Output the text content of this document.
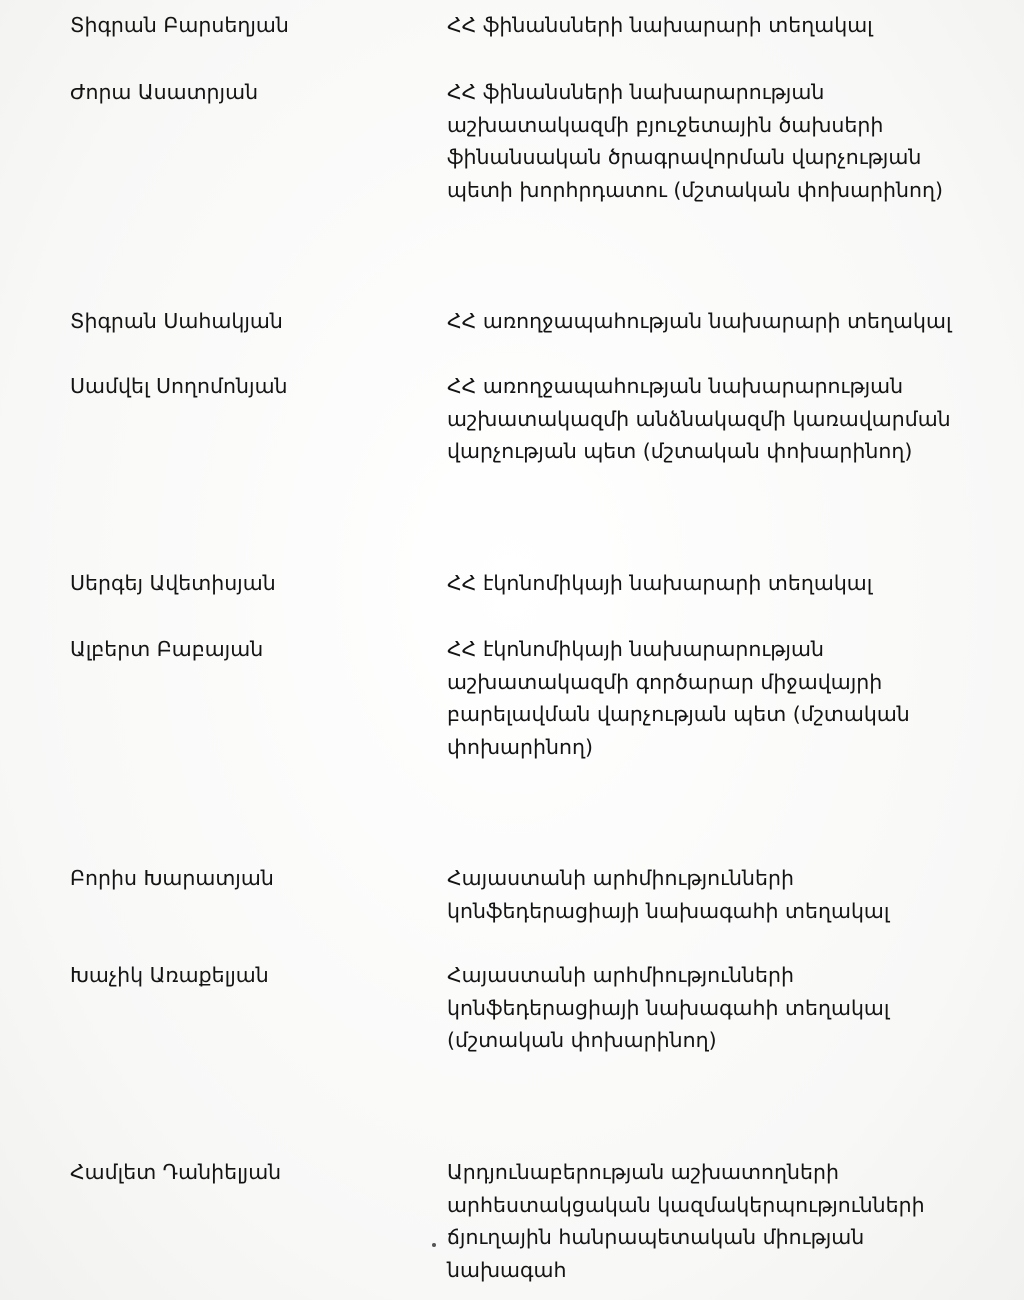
Տիգրան Բարսեղյան	ՀՀ ֆինանսների նախարարի տեղակալ
Ժորա Ասատրյան	ՀՀ ֆինանսների նախարարության
աշխատակազմի բյուջետային ծախսերի
ֆինանսական ծրագրավորման վարչության
պետի խորհրդատու (մշտական փոխարինող)
Տիգրան Սահակյան	ՀՀ առողջապահության նախարարի տեղակալ
Սամվել Սողոմոնյան	ՀՀ առողջապահության նախարարության
աշխատակազմի անձնակազմի կառավարման
վարչության պետ (մշտական փոխարինող)
Սերգեյ Ավետիսյան	ՀՀ էկոնոմիկայի նախարարի տեղակալ
Ալբերտ Բաբայան	ՀՀ էկոնոմիկայի նախարարության
աշխատակազմի գործարար միջավայրի
բարելավման վարչության պետ (մշտական
փոխարինող)
Բորիս Խարատյան	Հայաստանի արհմիությունների
կոնֆեդերացիայի նախագահի տեղակալ
Խաչիկ Առաքելյան	Հայաստանի արհմիությունների
կոնֆեդերացիայի նախագահի տեղակալ
(մշտական փոխարինող)
Համլետ Դանիելյան	Արդյունաբերության աշխատողների
արհեստակցական կազմակերպությունների
ճյուղային հանրապետական միության
նախագահ
